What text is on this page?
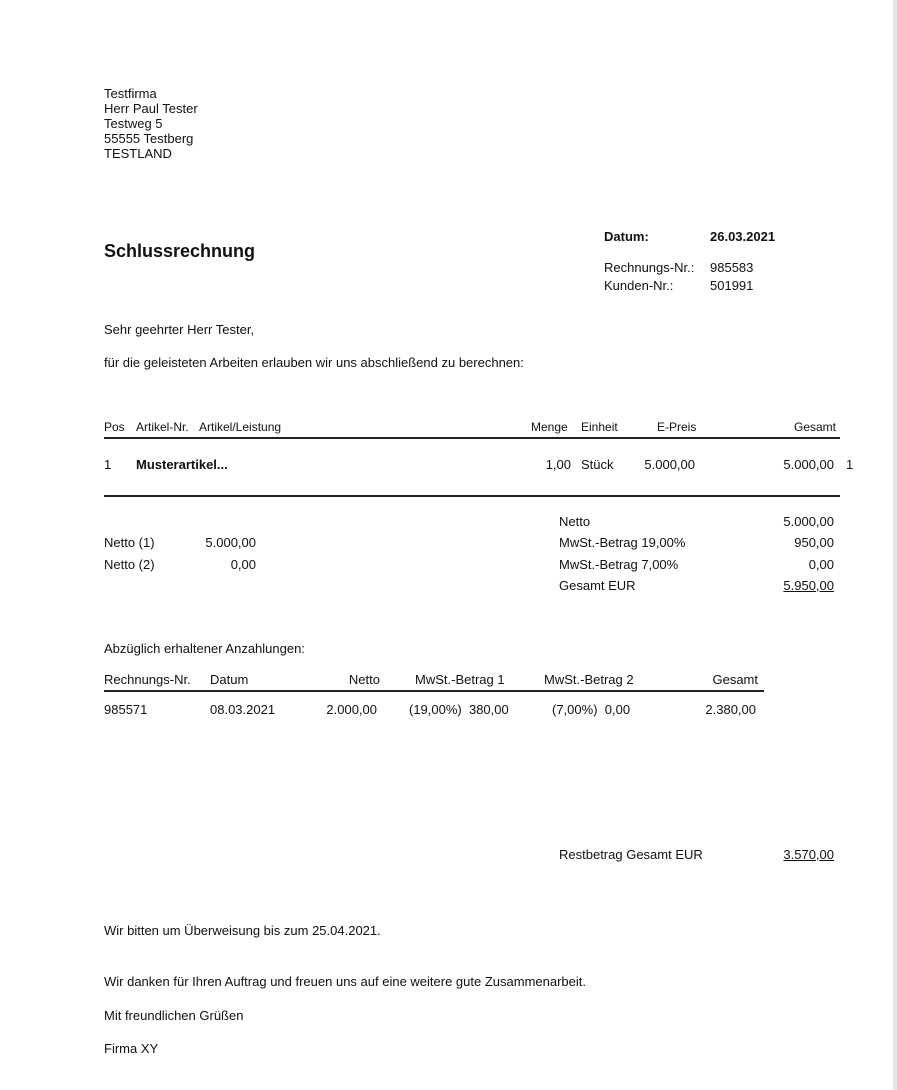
Testfirma
Herr Paul Tester
Testweg 5
55555 Testberg
TESTLAND
Schlussrechnung
Datum:	26.03.2021
Rechnungs-Nr.: 985583
Kunden-Nr.:	501991
Sehr geehrter Herr Tester,
für die geleisteten Arbeiten erlauben wir uns abschließend zu berechnen:
Pos Artikel-Nr. Artikel/Leistung	Menge Einheit	E-Preis	Gesamt
1 Musterartikel...	1,00 Stück	5.000,00	5.000,00 1
Netto (1)	5.000,00
Netto (2)	0,00
Netto	5.000,00
MwSt.-Betrag 19,00%	950,00
MwSt.-Betrag 7,00%	0,00
Gesamt EUR	5.950,00
Abzüglich erhaltener Anzahlungen:
Rechnungs-Nr. Datum	Netto	MwSt.-Betrag 1	MwSt.-Betrag 2	Gesamt
985571	08.03.2021	2.000,00 (19,00%)  380,00	(7,00%)  0,00	2.380,00
Restbetrag Gesamt EUR	3.570,00
Wir bitten um Überweisung bis zum 25.04.2021.
Wir danken für Ihren Auftrag und freuen uns auf eine weitere gute Zusammenarbeit.
Mit freundlichen Grüßen
Firma XY
